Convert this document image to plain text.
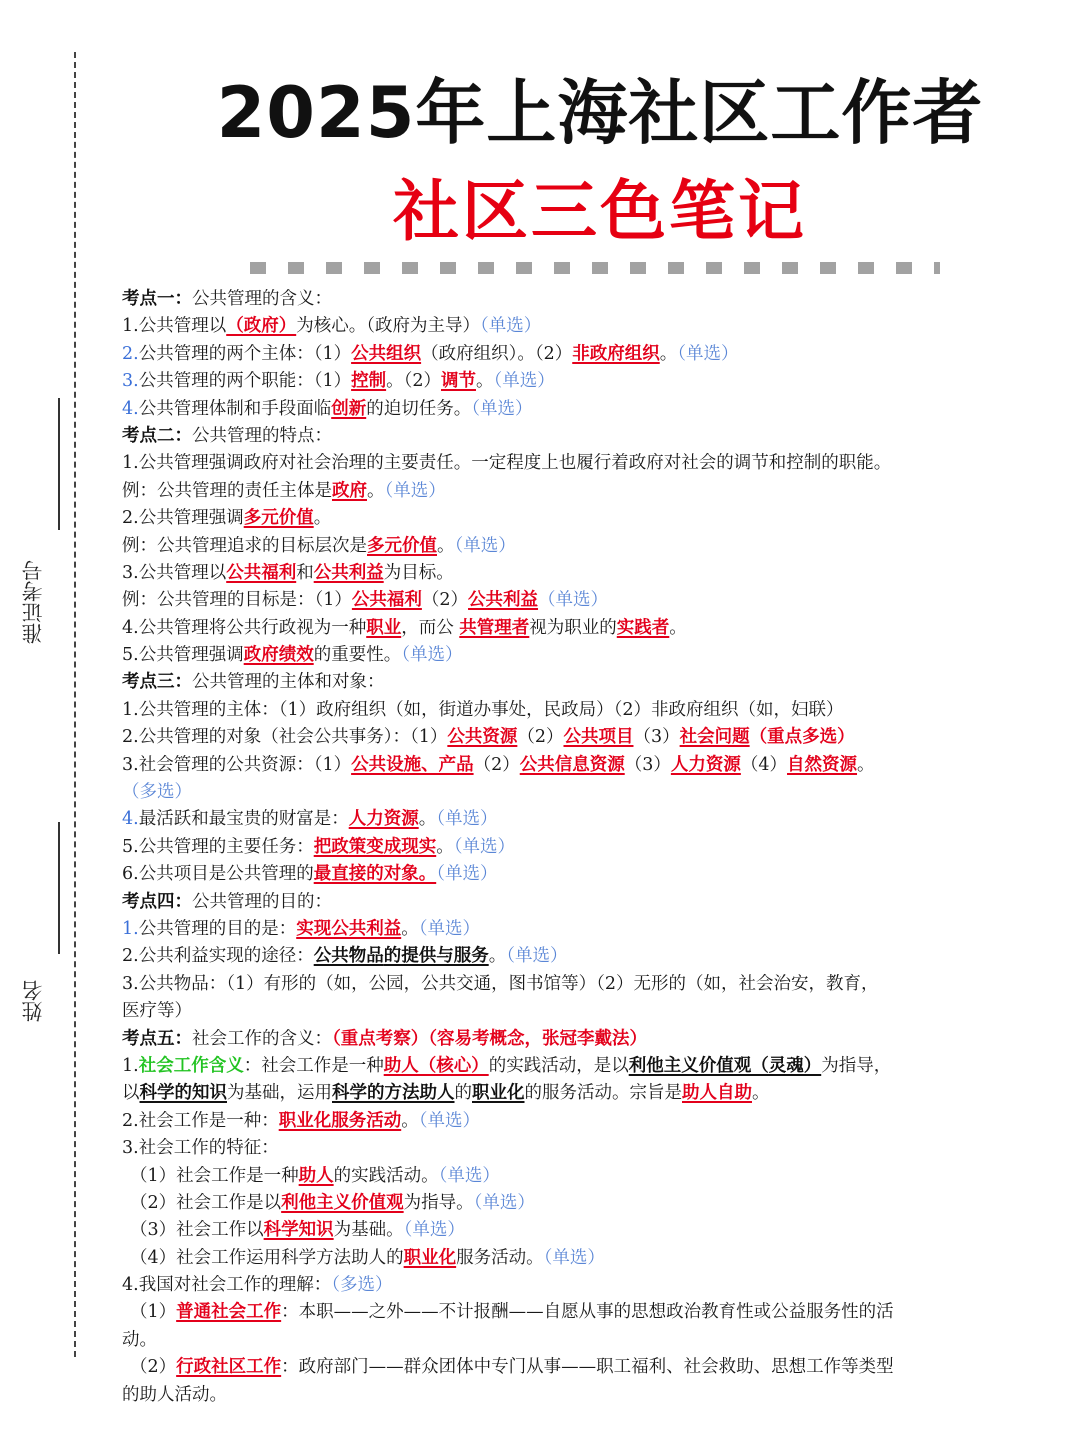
准证考号
姓名
2025年上海社区工作者
社区三色笔记
考点一：公共管理的含义：
1.公共管理以（政府）为核心。（政府为主导）（单选）
2.公共管理的两个主体：（1）公共组织（政府组织）。（2）非政府组织。（单选）
3.公共管理的两个职能：（1）控制。（2）调节。（单选）
4.公共管理体制和手段面临创新的迫切任务。（单选）
考点二：公共管理的特点：
1.公共管理强调政府对社会治理的主要责任。一定程度上也履行着政府对社会的调节和控制的职能。
例：公共管理的责任主体是政府。（单选）
2.公共管理强调多元价值。
例：公共管理追求的目标层次是多元价值。（单选）
3.公共管理以公共福利和公共利益为目标。
例：公共管理的目标是：（1）公共福利（2）公共利益（单选）
4.公共管理将公共行政视为一种职业，而公 共管理者视为职业的实践者。
5.公共管理强调政府绩效的重要性。（单选）
考点三：公共管理的主体和对象：
1.公共管理的主体：（1）政府组织（如，街道办事处，民政局）（2）非政府组织（如，妇联）
2.公共管理的对象（社会公共事务）：（1）公共资源（2）公共项目（3）社会问题（重点多选）
3.社会管理的公共资源：（1）公共设施、产品（2）公共信息资源（3）人力资源（4）自然资源。
（多选）
4.最活跃和最宝贵的财富是：人力资源。（单选）
5.公共管理的主要任务：把政策变成现实。（单选）
6.公共项目是公共管理的最直接的对象。（单选）
考点四：公共管理的目的：
1.公共管理的目的是：实现公共利益。（单选）
2.公共利益实现的途径：公共物品的提供与服务。（单选）
3.公共物品：（1）有形的（如，公园，公共交通，图书馆等）（2）无形的（如，社会治安，教育，
医疗等）
考点五：社会工作的含义：（重点考察）（容易考概念，张冠李戴法）
1.社会工作含义：社会工作是一种助人（核心）的实践活动，是以利他主义价值观（灵魂）为指导，
以科学的知识为基础，运用科学的方法助人的职业化的服务活动。宗旨是助人自助。
2.社会工作是一种：职业化服务活动。（单选）
3.社会工作的特征：
（1）社会工作是一种助人的实践活动。（单选）
（2）社会工作是以利他主义价值观为指导。（单选）
（3）社会工作以科学知识为基础。（单选）
（4）社会工作运用科学方法助人的职业化服务活动。（单选）
4.我国对社会工作的理解：（多选）
（1）普通社会工作：本职——之外——不计报酬——自愿从事的思想政治教育性或公益服务性的活
动。
（2）行政社区工作：政府部门——群众团体中专门从事——职工福利、社会救助、思想工作等类型
的助人活动。
